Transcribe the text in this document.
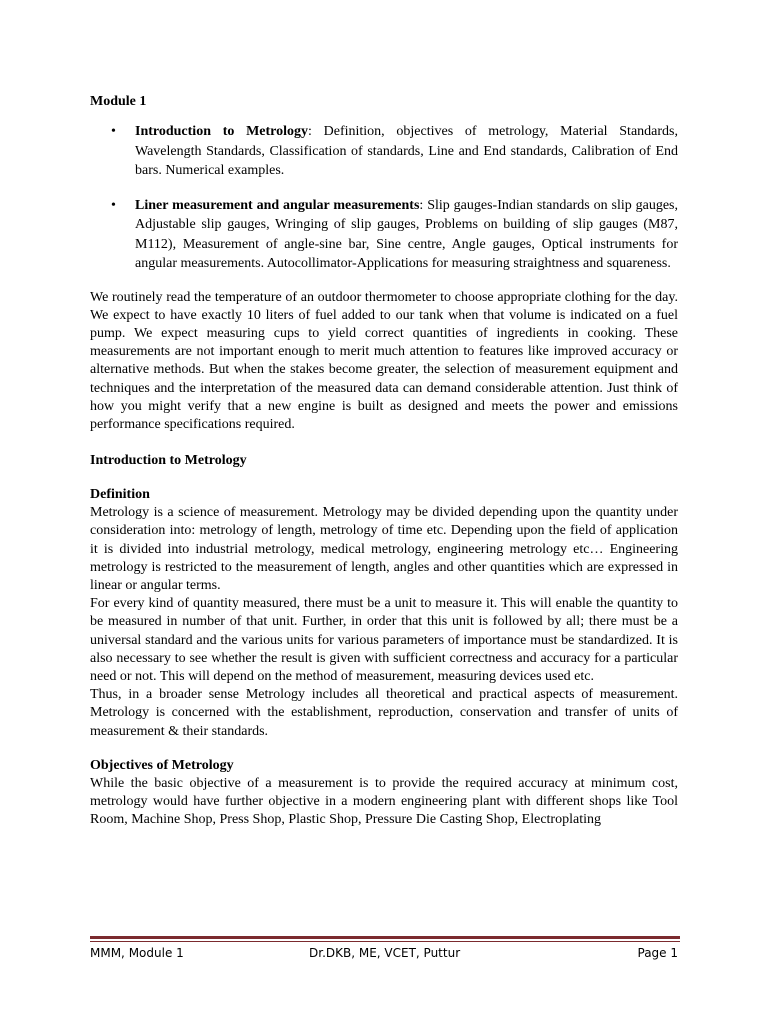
Module 1
• Introduction to Metrology: Definition, objectives of metrology, Material Standards, Wavelength Standards, Classification of standards, Line and End standards, Calibration of End bars. Numerical examples.
• Liner measurement and angular measurements: Slip gauges-Indian standards on slip gauges, Adjustable slip gauges, Wringing of slip gauges, Problems on building of slip gauges (M87, M112), Measurement of angle-sine bar, Sine centre, Angle gauges, Optical instruments for angular measurements. Autocollimator-Applications for measuring straightness and squareness.

We routinely read the temperature of an outdoor thermometer to choose appropriate clothing for the day. We expect to have exactly 10 liters of fuel added to our tank when that volume is indicated on a fuel pump. We expect measuring cups to yield correct quantities of ingredients in cooking. These measurements are not important enough to merit much attention to features like improved accuracy or alternative methods. But when the stakes become greater, the selection of measurement equipment and techniques and the interpretation of the measured data can demand considerable attention. Just think of how you might verify that a new engine is built as designed and meets the power and emissions performance specifications required.

Introduction to Metrology
Definition

Metrology is a science of measurement. Metrology may be divided depending upon the quantity under consideration into: metrology of length, metrology of time etc. Depending upon the field of application it is divided into industrial metrology, medical metrology, engineering metrology etc… Engineering metrology is restricted to the measurement of length, angles and other quantities which are expressed in linear or angular terms.

For every kind of quantity measured, there must be a unit to measure it. This will enable the quantity to be measured in number of that unit. Further, in order that this unit is followed by all; there must be a universal standard and the various units for various parameters of importance must be standardized. It is also necessary to see whether the result is given with sufficient correctness and accuracy for a particular need or not. This will depend on the method of measurement, measuring devices used etc.

Thus, in a broader sense Metrology includes all theoretical and practical aspects of measurement. Metrology is concerned with the establishment, reproduction, conservation and transfer of units of measurement & their standards.

Objectives of Metrology

While the basic objective of a measurement is to provide the required accuracy at minimum cost, metrology would have further objective in a modern engineering plant with different shops like Tool Room, Machine Shop, Press Shop, Plastic Shop, Pressure Die Casting Shop, Electroplating

MMM, Module 1	Dr.DKB, ME, VCET, Puttur	Page 1
